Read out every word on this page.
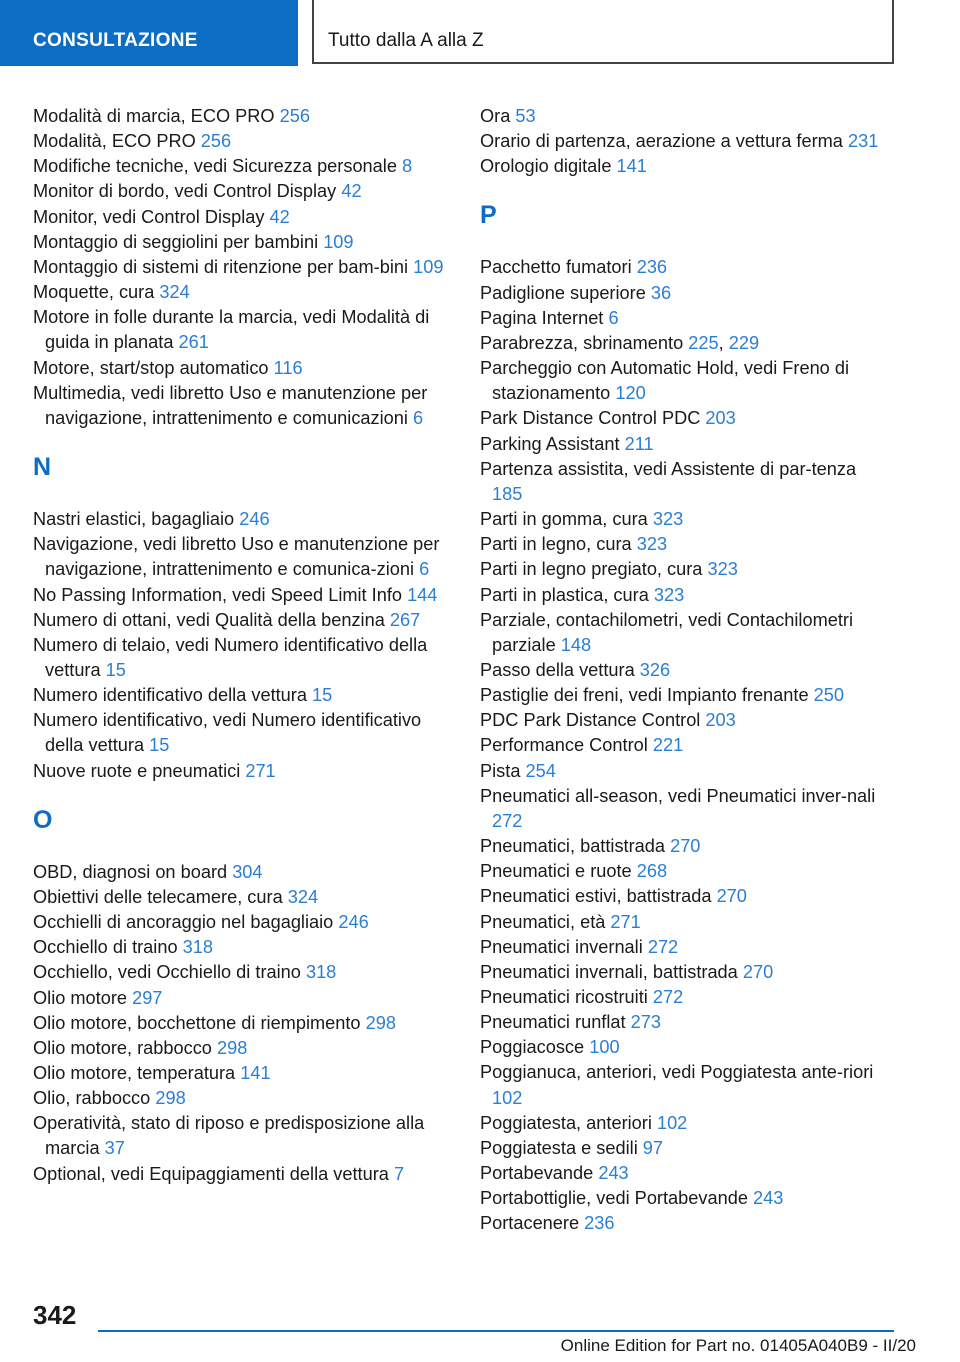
CONSULTAZIONE	Tutto dalla A alla Z
Modalità di marcia, ECO PRO 256
Modalità, ECO PRO 256
Modifiche tecniche, vedi Sicurezza personale 8
Monitor di bordo, vedi Control Display 42
Monitor, vedi Control Display 42
Montaggio di seggiolini per bambini 109
Montaggio di sistemi di ritenzione per bam‐bini 109
Moquette, cura 324
Motore in folle durante la marcia, vedi Modalità di guida in planata 261
Motore, start/stop automatico 116
Multimedia, vedi libretto Uso e manutenzione per navigazione, intrattenimento e comunicazioni 6
N
Nastri elastici, bagagliaio 246
Navigazione, vedi libretto Uso e manutenzione per navigazione, intrattenimento e comunica‐zioni 6
No Passing Information, vedi Speed Limit Info 144
Numero di ottani, vedi Qualità della benzina 267
Numero di telaio, vedi Numero identificativo della vettura 15
Numero identificativo della vettura 15
Numero identificativo, vedi Numero identificativo della vettura 15
Nuove ruote e pneumatici 271
O
OBD, diagnosi on board 304
Obiettivi delle telecamere, cura 324
Occhielli di ancoraggio nel bagagliaio 246
Occhiello di traino 318
Occhiello, vedi Occhiello di traino 318
Olio motore 297
Olio motore, bocchettone di riempimento 298
Olio motore, rabbocco 298
Olio motore, temperatura 141
Olio, rabbocco 298
Operatività, stato di riposo e predisposizione alla marcia 37
Optional, vedi Equipaggiamenti della vettura 7
Ora 53
Orario di partenza, aerazione a vettura ferma 231
Orologio digitale 141
P
Pacchetto fumatori 236
Padiglione superiore 36
Pagina Internet 6
Parabrezza, sbrinamento 225, 229
Parcheggio con Automatic Hold, vedi Freno di stazionamento 120
Park Distance Control PDC 203
Parking Assistant 211
Partenza assistita, vedi Assistente di par‐tenza 185
Parti in gomma, cura 323
Parti in legno, cura 323
Parti in legno pregiato, cura 323
Parti in plastica, cura 323
Parziale, contachilometri, vedi Contachilometri parziale 148
Passo della vettura 326
Pastiglie dei freni, vedi Impianto frenante 250
PDC Park Distance Control 203
Performance Control 221
Pista 254
Pneumatici all-season, vedi Pneumatici inver‐nali 272
Pneumatici, battistrada 270
Pneumatici e ruote 268
Pneumatici estivi, battistrada 270
Pneumatici, età 271
Pneumatici invernali 272
Pneumatici invernali, battistrada 270
Pneumatici ricostruiti 272
Pneumatici runflat 273
Poggiacosce 100
Poggianuca, anteriori, vedi Poggiatesta ante‐riori 102
Poggiatesta, anteriori 102
Poggiatesta e sedili 97
Portabevande 243
Portabottiglie, vedi Portabevande 243
Portacenere 236
342
Online Edition for Part no. 01405A040B9 - II/20
